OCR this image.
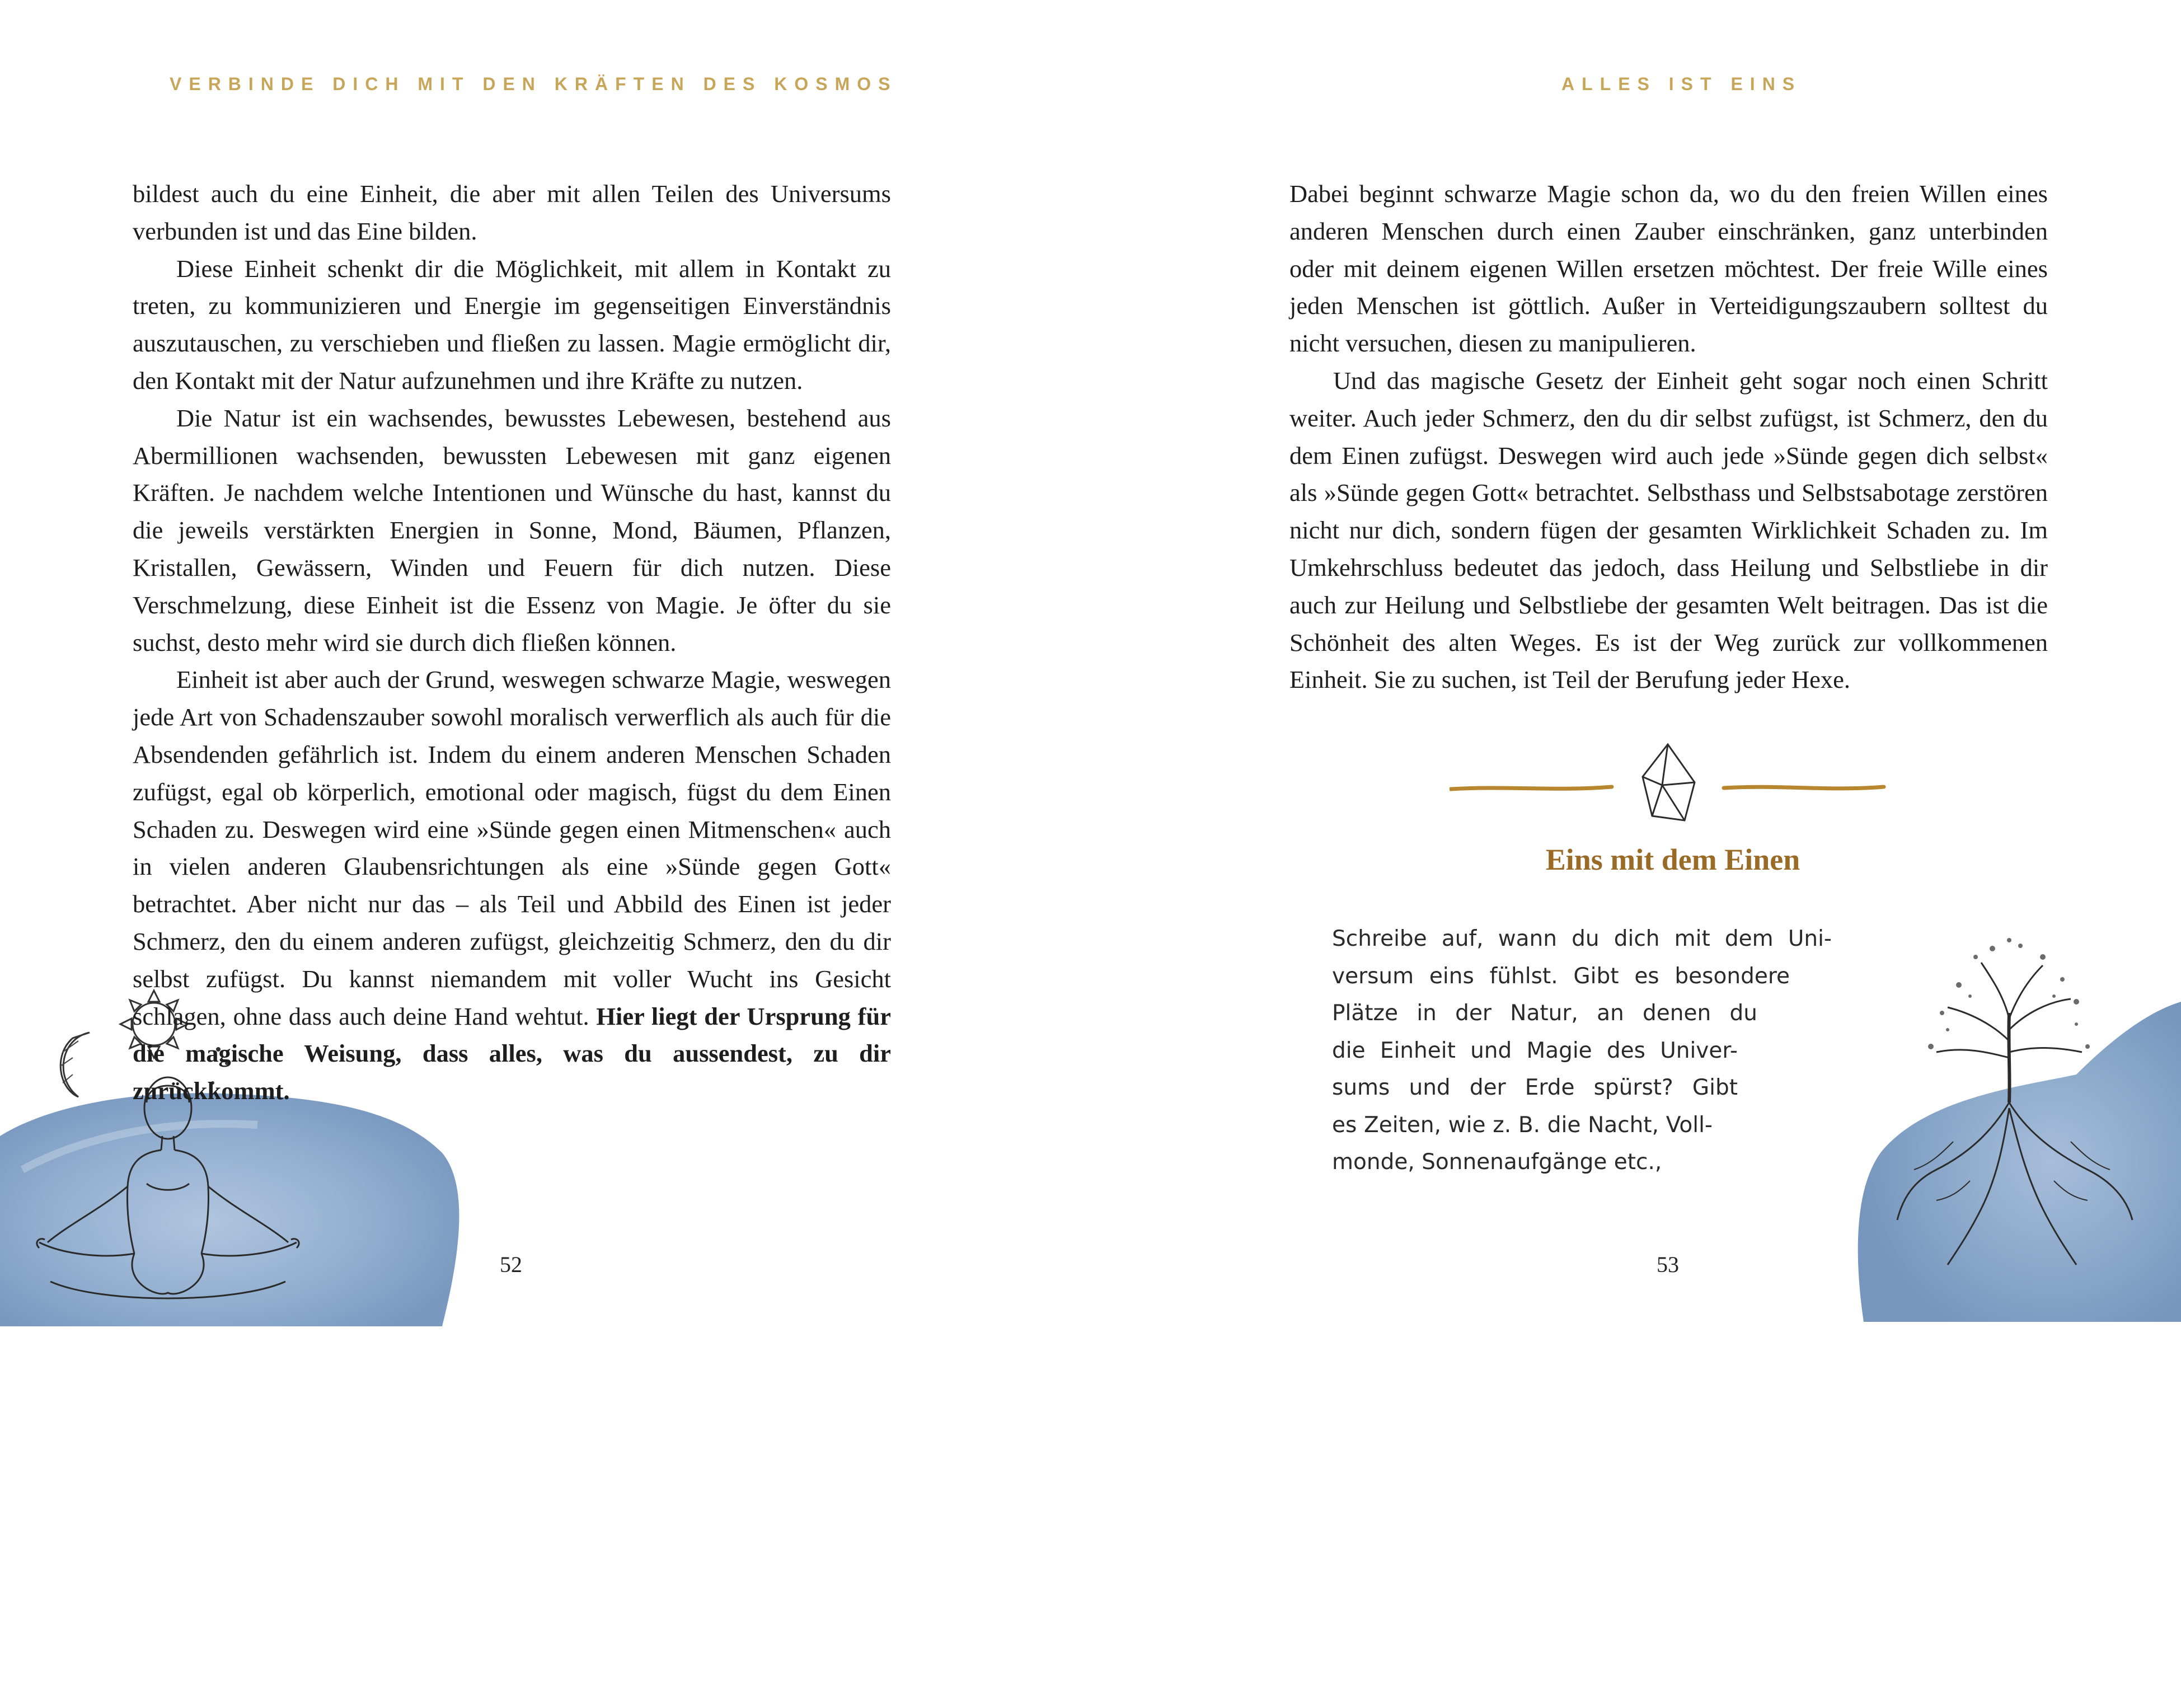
VERBINDE DICH MIT DEN KRÄFTEN DES KOSMOS	ALLES IST EINS

bildest auch du eine Einheit, die aber mit allen Teilen des Universums verbunden ist und das Eine bilden.

Diese Einheit schenkt dir die Möglichkeit, mit allem in Kontakt zu treten, zu kommunizieren und Energie im gegenseitigen Einverständnis auszutauschen, zu verschieben und fließen zu lassen. Magie ermöglicht dir, den Kontakt mit der Natur aufzunehmen und ihre Kräfte zu nutzen.

Die Natur ist ein wachsendes, bewusstes Lebewesen, bestehend aus Abermillionen wachsenden, bewussten Lebewesen mit ganz eigenen Kräften. Je nachdem welche Intentionen und Wünsche du hast, kannst du die jeweils verstärkten Energien in Sonne, Mond, Bäumen, Pflanzen, Kristallen, Gewässern, Winden und Feuern für dich nutzen. Diese Verschmelzung, diese Einheit ist die Essenz von Magie. Je öfter du sie suchst, desto mehr wird sie durch dich fließen können.

Einheit ist aber auch der Grund, weswegen schwarze Magie, weswegen jede Art von Schadenszauber sowohl moralisch verwerflich als auch für die Absendenden gefährlich ist. Indem du einem anderen Menschen Schaden zufügst, egal ob körperlich, emotional oder magisch, fügst du dem Einen Schaden zu. Deswegen wird eine »Sünde gegen einen Mitmenschen« auch in vielen anderen Glaubensrichtungen als eine »Sünde gegen Gott« betrachtet. Aber nicht nur das – als Teil und Abbild des Einen ist jeder Schmerz, den du einem anderen zufügst, gleichzeitig Schmerz, den du dir selbst zufügst. Du kannst niemandem mit voller Wucht ins Gesicht schlagen, ohne dass auch deine Hand wehtut. Hier liegt der Ursprung für die magische Weisung, dass alles, was du aussendest, zu dir zurückkommt.

Dabei beginnt schwarze Magie schon da, wo du den freien Willen eines anderen Menschen durch einen Zauber einschränken, ganz unterbinden oder mit deinem eigenen Willen ersetzen möchtest. Der freie Wille eines jeden Menschen ist göttlich. Außer in Verteidigungszaubern solltest du nicht versuchen, diesen zu manipulieren.

Und das magische Gesetz der Einheit geht sogar noch einen Schritt weiter. Auch jeder Schmerz, den du dir selbst zufügst, ist Schmerz, den du dem Einen zufügst. Deswegen wird auch jede »Sünde gegen dich selbst« als »Sünde gegen Gott« betrachtet. Selbsthass und Selbstsabotage zerstören nicht nur dich, sondern fügen der gesamten Wirklichkeit Schaden zu. Im Umkehrschluss bedeutet das jedoch, dass Heilung und Selbstliebe in dir auch zur Heilung und Selbstliebe der gesamten Welt beitragen. Das ist die Schönheit des alten Weges. Es ist der Weg zurück zur vollkommenen Einheit. Sie zu suchen, ist Teil der Berufung jeder Hexe.

Eins mit dem Einen
Schreibe auf, wann du dich mit dem Uni-
versum eins fühlst. Gibt es besondere
Plätze in der Natur, an denen du
die Einheit und Magie des Univer-
sums und der Erde spürst? Gibt
es Zeiten, wie z. B. die Nacht, Voll-
monde, Sonnenaufgänge etc.,
52	53
